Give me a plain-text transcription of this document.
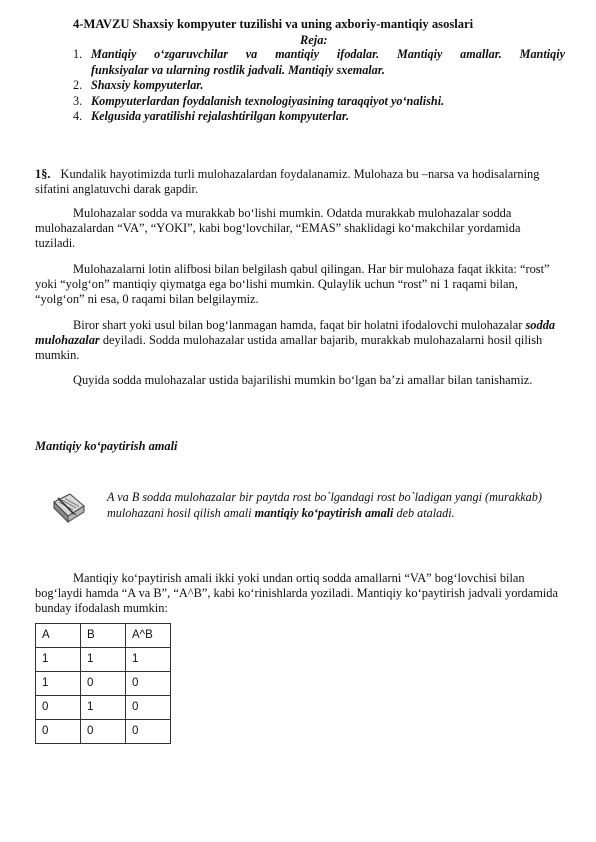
4-MAVZU Shaxsiy kompyuter tuzilishi va uning axboriy-mantiqiy asoslari
Reja:
1. Mantiqiy o‘zgaruvchilar va mantiqiy ifodalar. Mantiqiy amallar. Mantiqiy
funksiyalar va ularning rostlik jadvali. Mantiqiy sxemalar.
2. Shaxsiy kompyuterlar.
3. Kompyuterlardan foydalanish texnologiyasining taraqqiyot yo‘nalishi.
4. Kelgusida yaratilishi rejalashtirilgan kompyuterlar.
1§. Kundalik hayotimizda turli mulohazalardan foydalanamiz. Mulohaza bu –narsa va hodisalarning sifatini anglatuvchi darak gapdir.
Mulohazalar sodda va murakkab bo‘lishi mumkin. Odatda murakkab mulohazalar sodda mulohazalardan “VA”, “YOKI”, kabi bog‘lovchilar, “EMAS” shaklidagi ko‘makchilar yordamida tuziladi.
Mulohazalarni lotin alifbosi bilan belgilash qabul qilingan. Har bir mulohaza faqat ikkita: “rost” yoki “yolg‘on” mantiqiy qiymatga ega bo‘lishi mumkin. Qulaylik uchun “rost” ni 1 raqami bilan, “yolg‘on” ni esa, 0 raqami bilan belgilaymiz.
Biror shart yoki usul bilan bog‘lanmagan hamda, faqat bir holatni ifodalovchi mulohazalar sodda mulohazalar deyiladi. Sodda mulohazalar ustida amallar bajarib, murakkab mulohazalarni hosil qilish mumkin.
Quyida sodda mulohazalar ustida bajarilishi mumkin bo‘lgan ba’zi amallar bilan tanishamiz.
Mantiqiy ko‘paytirish amali
A va B sodda mulohazalar bir paytda rost bo`lgandagi rost bo`ladigan yangi (murakkab) mulohazani hosil qilish amali mantiqiy ko‘paytirish amali deb ataladi.
Mantiqiy ko‘paytirish amali ikki yoki undan ortiq sodda amallarni “VA” bog‘lovchisi bilan bog‘laydi hamda “A va B”, “A^B”, kabi ko‘rinishlarda yoziladi. Mantiqiy ko‘paytirish jadvali yordamida bunday ifodalash mumkin:
A	B	A^B
1	1	1
1	0	0
0	1	0
0	0	0
